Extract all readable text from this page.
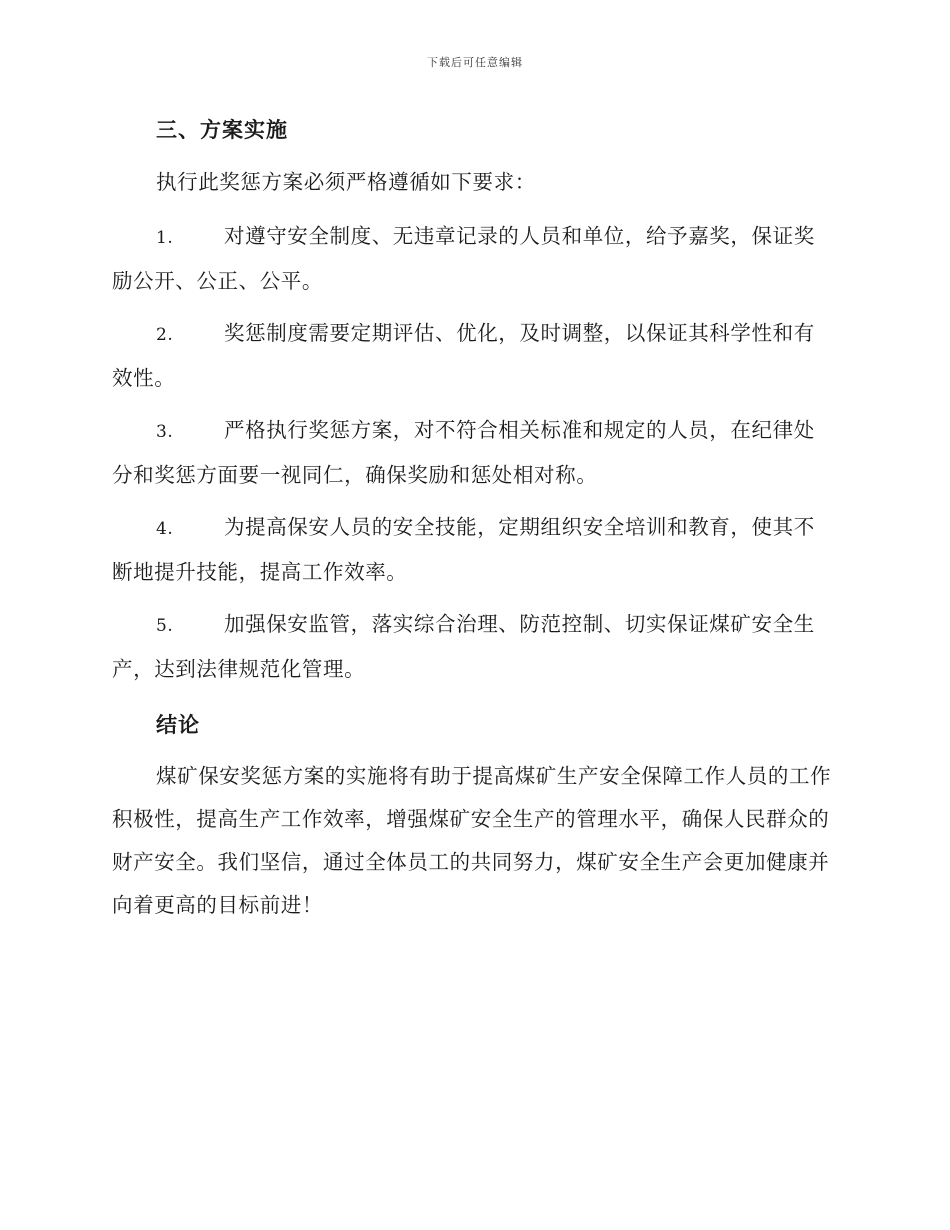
下载后可任意编辑
三、方案实施

执行此奖惩方案必须严格遵循如下要求：

1. 对遵守安全制度、无违章记录的人员和单位，给予嘉奖，保证奖
励公开、公正、公平。
2. 奖惩制度需要定期评估、优化，及时调整，以保证其科学性和有
效性。
3. 严格执行奖惩方案，对不符合相关标准和规定的人员，在纪律处
分和奖惩方面要一视同仁，确保奖励和惩处相对称。
4. 为提高保安人员的安全技能，定期组织安全培训和教育，使其不
断地提升技能，提高工作效率。
5. 加强保安监管，落实综合治理、防范控制、切实保证煤矿安全生
产，达到法律规范化管理。
结论

煤矿保安奖惩方案的实施将有助于提高煤矿生产安全保障工作人员的工作积极性，提高生产工作效率，增强煤矿安全生产的管理水平，确保人民群众的财产安全。我们坚信，通过全体员工的共同努力，煤矿安全生产会更加健康并向着更高的目标前进！
